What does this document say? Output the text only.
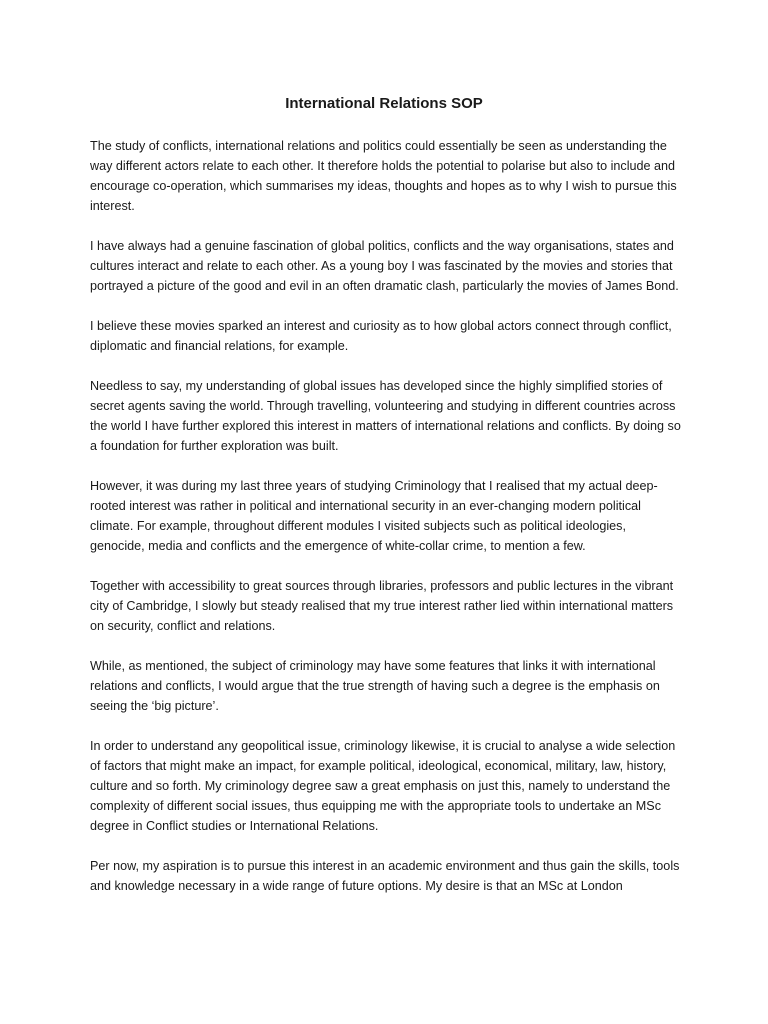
International Relations SOP

The study of conflicts, international relations and politics could essentially be seen as understanding the way different actors relate to each other. It therefore holds the potential to polarise but also to include and encourage co-operation, which summarises my ideas, thoughts and hopes as to why I wish to pursue this interest.

I have always had a genuine fascination of global politics, conflicts and the way organisations, states and cultures interact and relate to each other. As a young boy I was fascinated by the movies and stories that portrayed a picture of the good and evil in an often dramatic clash, particularly the movies of James Bond.

I believe these movies sparked an interest and curiosity as to how global actors connect through conflict, diplomatic and financial relations, for example.

Needless to say, my understanding of global issues has developed since the highly simplified stories of secret agents saving the world. Through travelling, volunteering and studying in different countries across the world I have further explored this interest in matters of international relations and conflicts. By doing so a foundation for further exploration was built.

However, it was during my last three years of studying Criminology that I realised that my actual deep-rooted interest was rather in political and international security in an ever-changing modern political climate. For example, throughout different modules I visited subjects such as political ideologies, genocide, media and conflicts and the emergence of white-collar crime, to mention a few.

Together with accessibility to great sources through libraries, professors and public lectures in the vibrant city of Cambridge, I slowly but steady realised that my true interest rather lied within international matters on security, conflict and relations.

While, as mentioned, the subject of criminology may have some features that links it with international relations and conflicts, I would argue that the true strength of having such a degree is the emphasis on seeing the ‘big picture’.

In order to understand any geopolitical issue, criminology likewise, it is crucial to analyse a wide selection of factors that might make an impact, for example political, ideological, economical, military, law, history, culture and so forth. My criminology degree saw a great emphasis on just this, namely to understand the complexity of different social issues, thus equipping me with the appropriate tools to undertake an MSc degree in Conflict studies or International Relations.

Per now, my aspiration is to pursue this interest in an academic environment and thus gain the skills, tools and knowledge necessary in a wide range of future options. My desire is that an MSc at London
